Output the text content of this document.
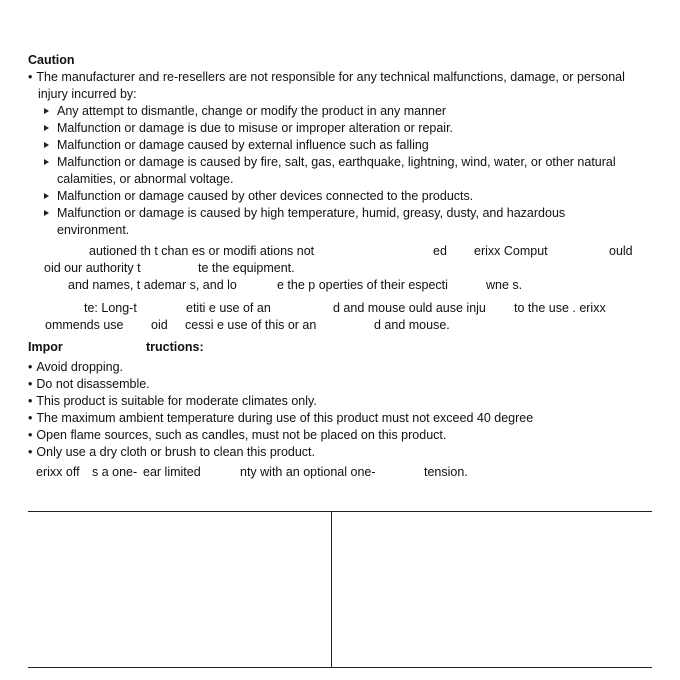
Caution
• The manufacturer and re-resellers are not responsible for any technical malfunctions, damage, or personal
injury incurred by:
Any attempt to dismantle, change or modify the product in any manner
Malfunction or damage is due to misuse or improper alteration or repair.
Malfunction or damage caused by external influence such as falling
Malfunction or damage is caused by fire, salt, gas, earthquake, lightning, wind, water, or other natural
calamities, or abnormal voltage.
Malfunction or damage caused by other devices connected to the products.
Malfunction or damage is caused by high temperature, humid, greasy, dusty, and hazardous
environment.
autioned th t chan es or modifi ations not	ed erixx Comput	ould
oid our authority t	te the equipment.
and names, t ademar s, and lo	e the p operties of their especti	wne s.
te: Long-t	etiti e use of an	d and mouse ould ause inju to the use . erixx
ommends use oid cessi e use of this or an	d and mouse.
Impor	tructions:
• Avoid dropping.
• Do not disassemble.
• This product is suitable for moderate climates only.
• The maximum ambient temperature during use of this product must not exceed 40 degree
• Open flame sources, such as candles, must not be placed on this product.
• Only use a dry cloth or brush to clean this product.
erixx off s a one- ear limited	nty with an optional one-	tension.
